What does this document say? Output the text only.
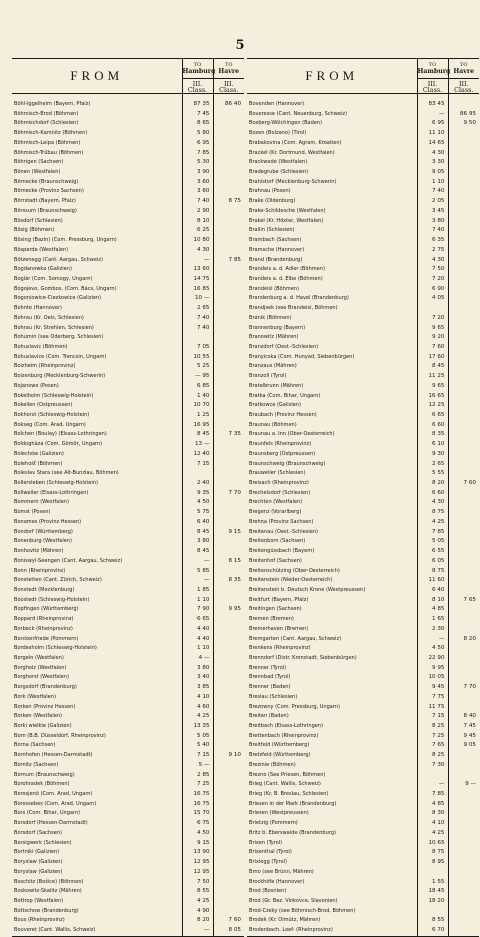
5
FROM	TO
Hamburg
III.
Class.	TO
Havre
III.
Class.

Böhl-Iggelheim (Bayern, Pfalz)	87 35	86 40
Böhmisch-Brod (Böhmen)	7 45	
Böhmischdorf (Schlesien)	8 65	
Böhmisch-Kamnitz (Böhmen)	5 80	
Böhmisch-Leipa (Böhmen)	6 95	
Böhmisch-Trübau (Böhmen)	7 85	
Böhrigen (Sachsen)	5 30	
Bönen (Westfalen)	3 90	
Börnecke (Braunschweig)	3 60	
Börnecke (Provinz Sachsen)	3 60	
Börrstadt (Bayern, Pfalz)	7 40	8 75
Börssum (Braunschweig)	2 90	
Bösdorf (Schlesien)	8 10	
Bösig (Böhmen)	6 25	
Bösing (Bazin) (Com. Pressburg, Ungarn)	10 80	
Bösperde (Westfalen)	4 30	
Bötzenegg (Cant. Aargau, Schweiz)	—	7 85
Bogdanowka (Galizien)	13 60	
Boglár (Com. Somogy, Ungarn)	14 75	
Bogojevo, Gombos, (Com. Bács, Ungarn)	16 85	
Bogoniowice-Ciezkowice (Galizien)	10 —	
Bohnte (Hannover)	2 65	
Bohrau (Kr. Oels, Schlesien)	7 40	
Bohrau (Kr. Strehlen, Schlesien)	7 40	
Bohumin (see Oderberg, Schlesien)		
Bohuslavic (Böhmen)	7 05	
Bohuslavice (Com. Trencsin, Ungarn)	10 55	
Boizheim (Rheinprovinz)	5 25	
Boizenburg (Mecklenburg-Schwerin)	— 95	
Bojanowo (Posen)	6 85	
Bokelholm (Schleswig-Holstein)	1 40	
Bokellen (Ostpreussen)	10 70	
Bokhorst (Schleswig-Holstein)	1 25	
Bokseg (Com. Arad, Ungarn)	16 95	
Bolchen (Boulay) (Elsass-Lothringen)	8 45	7 35
Boldoghàza (Com. Gömör, Ungarn)	13 —	
Bolechów (Galizien)	12 40	
Bolehošť (Böhmen)	7 15	
Boleslav Stara (see Alt-Bunzlau, Böhmen)		
Bollersleben (Schleswig-Holstein)	2 40	
Bollweiler (Elsass-Lothringen)	9 35	7 70
Bommern (Westfalen)	4 50	
Bomst (Posen)	5 75	
Bonames (Provinz Hessen)	6 40	
Bondorf (Württemberg)	8 45	9 15
Bonenburg (Westfalen)	3 80	
Bonhovitz (Mähren)	8 45	
Boniswyl-Seengen (Cant. Aargau, Schweiz)	—	8 15
Bonn (Rheinprovinz)	5 85	
Bonstetten (Cant. Zürich, Schweiz)	—	8 35
Bonstedt (Mecklenburg)	1 85	
Boostedt (Schleswig-Holstein)	1 10	
Bopfingen (Württemberg)	7 90	9 95
Boppard (Rheinprovinz)	6 65	
Borbeck (Rheinprovinz)	4 40	
Borckenfriede (Pommern)	4 40	
Bordesholm (Schleswig-Holstein)	1 10	
Borgeln (Westfalen)	4 —	
Borgholz (Westfalen)	3 80	
Borghorst (Westfalen)	3 40	
Borgsdorf (Brandenburg)	3 85	
Bork (Westfalen)	4 10	
Borken (Provinz Hessen)	4 60	
Borken (Westfalen)	4 25	
Borki wielkie (Galizien)	13 35	
Born (B.B. Düsseldorf, Rheinprovinz)	5 05	
Borna (Sachsen)	5 40	
Bornhofen (Hessen-Darmstadt)	7 15	9 10
Bornitz (Sachsen)	5 —	
Bornum (Braunschweig)	2 85	
Borohradek (Böhmen)	7 25	
Borosjenö (Com. Arad, Ungarn)	16 75	
Borossebes (Com. Arad, Ungarn)	16 75	
Bors (Com. Bihar, Ungarn)	15 70	
Borsdorf (Hessen-Darmstadt)	6 75	
Borsdorf (Sachsen)	4 50	
Borsigwerk (Schlesien)	9 15	
Bortniki (Galizien)	13 90	
Boryslaw (Galizien)	12 95	
Boryslaw (Galizien)	12 95	
Boschitz (Bošice) (Böhmen)	7 50	
Boskowitz-Skalitz (Mähren)	8 55	
Bottrop (Westfalen)	4 25	
Bottschow (Brandenburg)	4 90	
Bous (Rheinprovinz)	8 20	7 60
Bouveret (Cant. Wallis, Schweiz)	—	8 05
FROM	TO
Hamburg
III.
Class.	TO
Havre
III.
Class.

Bovenden (Hannover)	83 45	
Boveresse (Cant. Neuenburg, Schweiz)	—	86 95
Boxberg-Wölchingen (Baden)	6 95	9 50
Bozen (Bolzano) (Tirol)	11 10	
Brabakovina (Com. Agram, Kroatien)	14 65	
Brackel (Kr. Dortmund, Westfalen)	4 30	
Brackwede (Westfalen)	3 30	
Bradegrube (Schlesien)	9 05	
Brahlstorf (Mecklenburg-Schwerin)	1 10	
Brahnau (Posen)	7 40	
Brake (Oldenburg)	2 05	
Brake-Schildesche (Westfalen)	3 45	
Brakel (Kr. Höxter, Westfalen)	3 80	
Brallin (Schlesien)	7 40	
Brambach (Sachsen)	6 35	
Bramsche (Hannover)	2 75	
Brand (Brandenburg)	4 30	
Brandeis a. d. Adler (Böhmen)	7 50	
Brandeis a. d. Elbe (Böhmen)	7 20	
Brandeisl (Böhmen)	6 90	
Brandenburg a. d. Havel (Brandenburg)	4 05	
Brandjsek (see Brandeisl, Böhmen)		
Branik (Böhmen)	7 20	
Brannenburg (Bayern)	9 65	
Branowitz (Mähren)	9 20	
Branzdorf (Oest.-Schlesien)	7 60	
Branyicska (Com. Hunyad, Siebenbürgen)	17 60	
Branzaus (Mähren)	8 45	
Branzoll (Tyrol)	11 25	
Bratelbrunn (Mähren)	9 65	
Bratka (Com. Bihar, Ungarn)	16 65	
Bratkowce (Galizien)	12 25	
Braubach (Provinz Hessen)	6 65	
Braunau (Böhmen)	6 60	
Braunau a. Inn (Ober-Oesterreich)	8 35	
Braunfels (Rheinprovinz)	6 10	
Braunsberg (Ostpreussen)	9 30	
Braunschweig (Braunschweig)	2 65	
Brauweiler (Schlesien)	5 55	
Breisach (Rheinprovinz)	8 20	7 60
Brechelsdorf (Schlesien)	6 60	
Brechten (Westfalen)	4 30	
Bregenz (Vorarlberg)	8 75	
Brehna (Provinz Sachsen)	4 25	
Breitenau (Oest.-Schlesien)	7 85	
Breitenborn (Sachsen)	5 05	
Breitengüssbach (Bayern)	6 55	
Breitenhof (Sachsen)	6 05	
Breitenschützing (Ober-Oesterreich)	8 75	
Breitenstein (Nieder-Oesterreich)	11 60	
Breitenstein b. Deutsch Krone (Westpreussen)	6 40	
Breitfurt (Bayern, Pfalz)	8 10	7 65
Breitingen (Sachsen)	4 85	
Bremen (Bremen)	1 65	
Bremerhaven (Bremen)	2 30	
Bremgarten (Cant. Aargau, Schweiz)	—	8 20
Brenkens (Rheinprovinz)	4 50	
Brenndorf (Distr. Kronstadt, Siebenbürgen)	22 90	
Brenner (Tyrol)	9 95	
Brennbad (Tyrol)	10 05	
Brenner (Baden)	9 45	7 70
Breslau (Schlesien)	7 75	
Brezowny (Com. Pressburg, Ungarn)	11 75	
Breiten (Baden)	7 15	8 40
Breitbach (Elsass-Lothringen)	8 25	7 45
Brettenbach (Rheinprovinz)	7 25	9 45
Breitfeld (Württemberg)	7 65	9 05
Bretzfeld (Württemberg)	8 25	
Brezinie (Böhmen)	7 30	
Brezno (See Priesen, Böhmen)		
Brieg (Cant. Wallis, Schweiz)	—	9 —
Brieg (Kr. B. Breslau, Schlesien)	7 85	
Briesen in der Mark (Brandenburg)	4 85	
Briesen (Westpreussen)	8 30	
Brietzig (Pommern)	4 10	
Britz b. Eberswalde (Brandenburg)	4 25	
Brixen (Tyrol)	10 65	
Brixenthal (Tyrol)	8 75	
Brixlegg (Tyrol)	8 95	
Brno (see Brünn, Mähren)		
Brockhöfe (Hannover)	1 55	
Brod (Bosnien)	18 45	
Brod (Gr. Bez. Vinkovce, Slavonien)	18 20	
Brod-Czeky (see Böhmisch-Brod, Böhmen)		
Brodek (Kr. Olmütz, Mähren)	8 55	
Brodenbach, Loef- (Rheinprovinz)	6 70	
